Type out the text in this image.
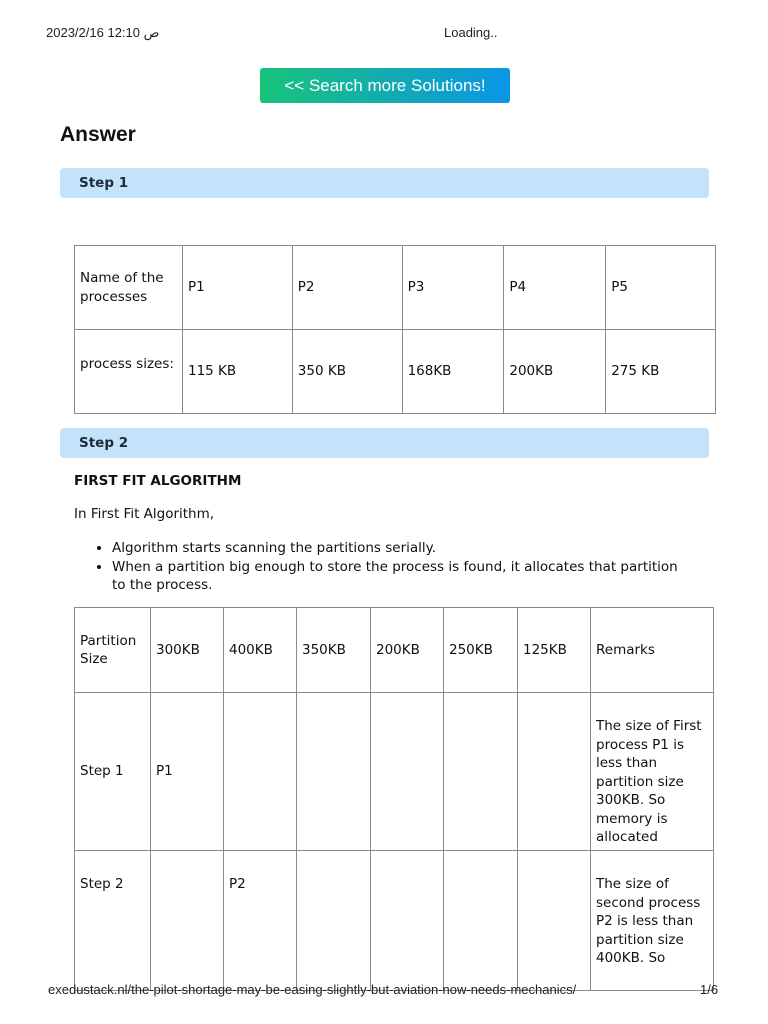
ص 12:10 2023/2/16	Loading..
<< Search more Solutions!
Answer
Step 1
Name of the processes	P1	P2	P3	P4	P5
process sizes:	115 KB	350 KB	168KB	200KB	275 KB
Step 2
FIRST FIT ALGORITHM
In First Fit Algorithm,
• Algorithm starts scanning the partitions serially.
• When a partition big enough to store the process is found, it allocates that partition to the process.
Partition Size	300KB	400KB	350KB	200KB	250KB	125KB	Remarks
Step 1	P1						The size of First process P1 is less than partition size 300KB. So memory is allocated
Step 2		P2					The size of second process P2 is less than partition size 400KB. So
exedustack.nl/the-pilot-shortage-may-be-easing-slightly-but-aviation-now-needs-mechanics/	1/6
